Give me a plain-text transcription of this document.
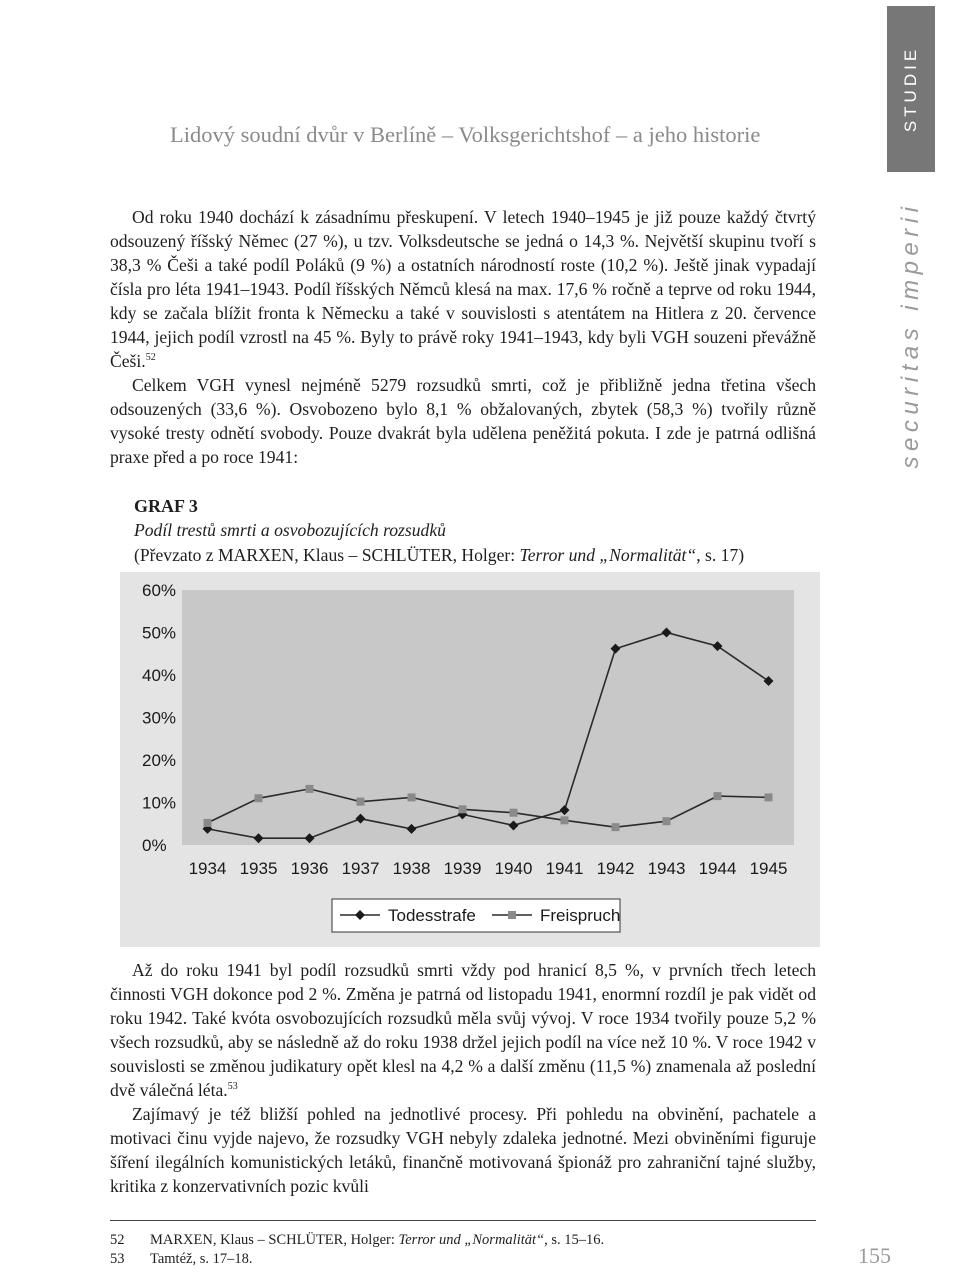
Lidový soudní dvůr v Berlíně – Volksgerichtshof – a jeho historie
STUDIE
securitas imperii

Od roku 1940 dochází k zásadnímu přeskupení. V letech 1940–1945 je již pouze každý čtvrtý odsouzený říšský Němec (27 %), u tzv. Volksdeutsche se jedná o 14,3 %. Největší skupinu tvoří s 38,3 % Češi a také podíl Poláků (9 %) a ostatních národností roste (10,2 %). Ještě jinak vypadají čísla pro léta 1941–1943. Podíl říšských Němců klesá na max. 17,6 % ročně a teprve od roku 1944, kdy se začala blížit fronta k Německu a také v souvislosti s atentátem na Hitlera z 20. července 1944, jejich podíl vzrostl na 45 %. Byly to právě roky 1941–1943, kdy byli VGH souzeni převážně Češi.$^{52}$

Celkem VGH vynesl nejméně 5279 rozsudků smrti, což je přibližně jedna třetina všech odsouzených (33,6 %). Osvobozeno bylo 8,1 % obžalovaných, zbytek (58,3 %) tvořily různě vysoké tresty odnětí svobody. Pouze dvakrát byla udělena peněžitá pokuta. I zde je patrná odlišná praxe před a po roce 1941:

GRAF 3
Podíl trestů smrti a osvobozujících rozsudků
(Převzato z MARXEN, Klaus – SCHLÜTER, Holger: Terror und „Normalität“, s. 17)
60%
50%
40%
30%
20%
10%
0%
1934 1935 1936 1937 1938 1939 1940 1941 1942 1943 1944 1945
Todesstrafe	Freispruch

Až do roku 1941 byl podíl rozsudků smrti vždy pod hranicí 8,5 %, v prvních třech letech činnosti VGH dokonce pod 2 %. Změna je patrná od listopadu 1941, enormní rozdíl je pak vidět od roku 1942. Také kvóta osvobozujících rozsudků měla svůj vývoj. V roce 1934 tvořily pouze 5,2 % všech rozsudků, aby se následně až do roku 1938 držel jejich podíl na více než 10 %. V roce 1942 v souvislosti se změnou judikatury opět klesl na 4,2 % a další změnu (11,5 %) znamenala až poslední dvě válečná léta.$^{53}$

Zajímavý je též bližší pohled na jednotlivé procesy. Při pohledu na obvinění, pachatele a motivaci činu vyjde najevo, že rozsudky VGH nebyly zdaleka jednotné. Mezi obviněními figuruje šíření ilegálních komunistických letáků, finančně motivovaná špionáž pro zahraniční tajné služby, kritika z konzervativních pozic kvůli

52	MARXEN, Klaus – SCHLÜTER, Holger: Terror und „Normalität“, s. 15–16.
53	Tamtéž, s. 17–18.	155
